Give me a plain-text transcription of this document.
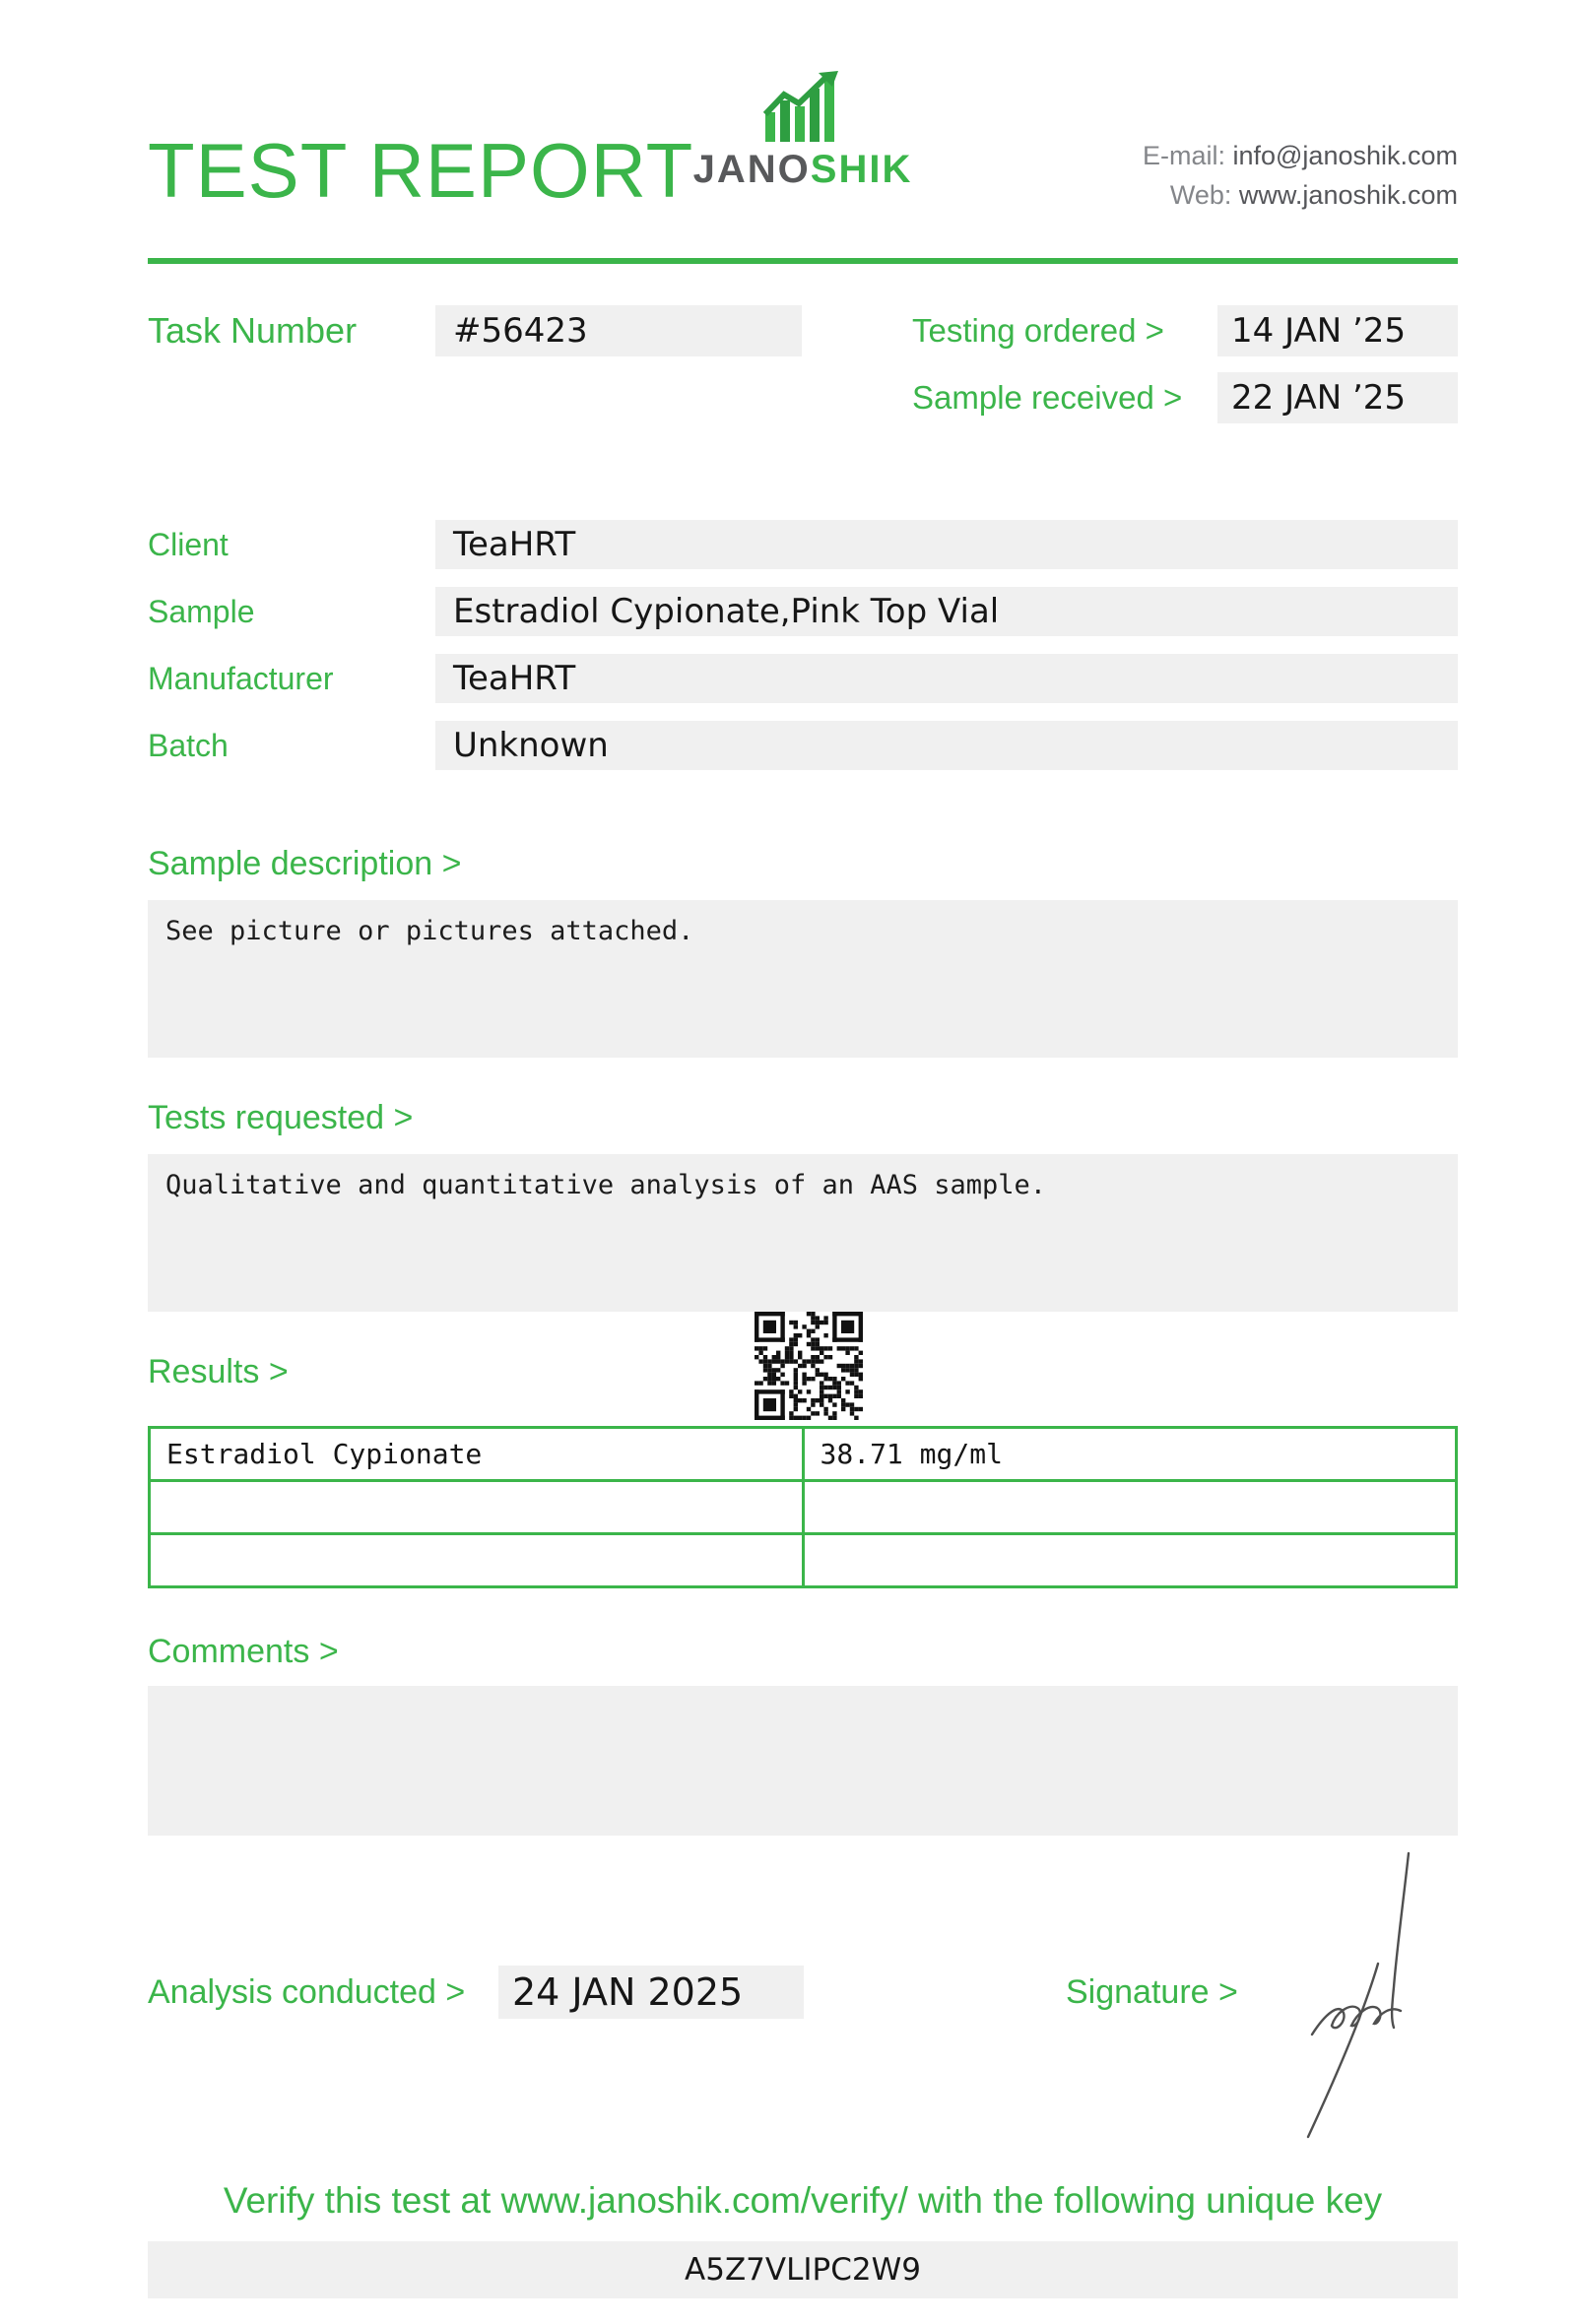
TEST REPORT JANOSHIK	E-mail: info@janoshik.com
Web: www.janoshik.com
Task Number	#56423	Testing ordered >	14 JAN ’25
Sample received >	22 JAN ’25
Client	TeaHRT
Sample	Estradiol Cypionate,Pink Top Vial
Manufacturer	TeaHRT
Batch	Unknown
Sample description >
See picture or pictures attached.
Tests requested >
Qualitative and quantitative analysis of an AAS sample.
Results >
Estradiol Cypionate	38.71 mg/ml

Comments >
Analysis conducted >	24 JAN 2025	Signature >
Verify this test at www.janoshik.com/verify/ with the following unique key
A5Z7VLIPC2W9
